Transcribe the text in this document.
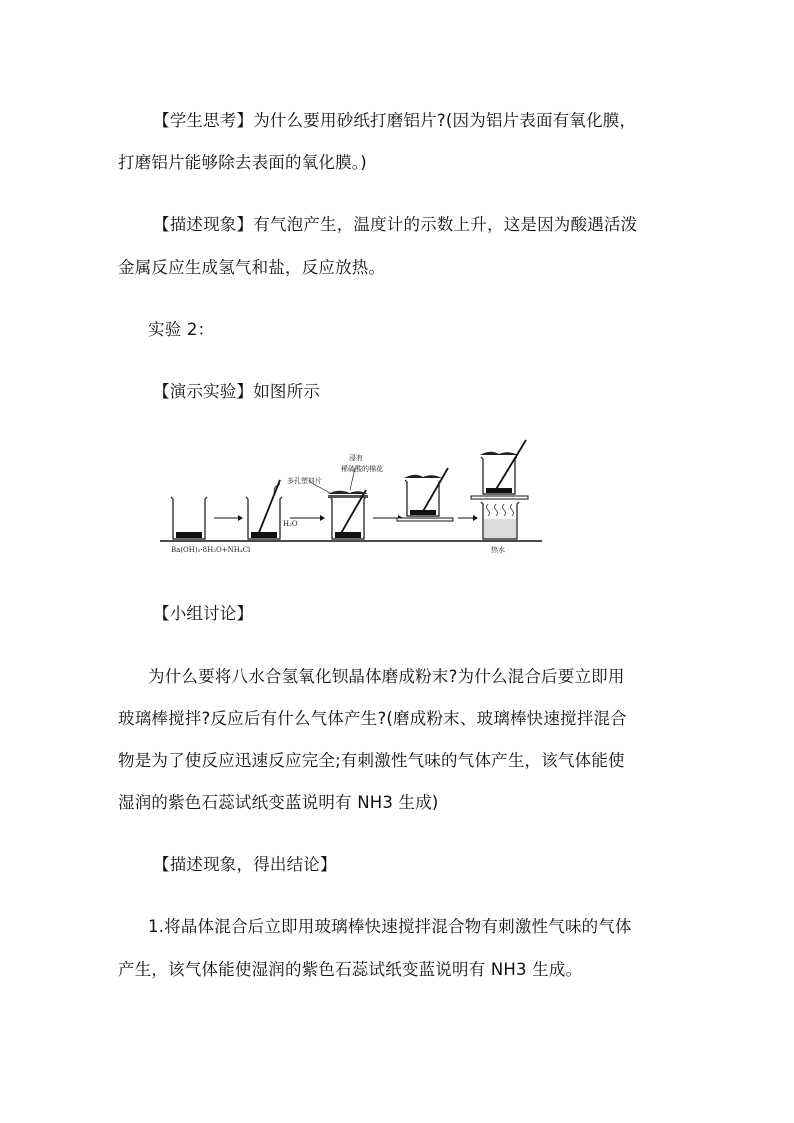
【学生思考】为什么要用砂纸打磨铝片?(因为铝片表面有氧化膜，
打磨铝片能够除去表面的氧化膜。)
【描述现象】有气泡产生，温度计的示数上升，这是因为酸遇活泼
金属反应生成氢气和盐，反应放热。
实验 2：
【演示实验】如图所示
Ba(OH)₂·8H₂O+NH₄Cl
多孔塑料片
H₂O
浸有
稀硫酸的棉花
热水
【小组讨论】
为什么要将八水合氢氧化钡晶体磨成粉末?为什么混合后要立即用
玻璃棒搅拌?反应后有什么气体产生?(磨成粉末、玻璃棒快速搅拌混合
物是为了使反应迅速反应完全;有刺激性气味的气体产生，该气体能使
湿润的紫色石蕊试纸变蓝说明有 NH3 生成)
【描述现象，得出结论】
1.将晶体混合后立即用玻璃棒快速搅拌混合物有刺激性气味的气体
产生，该气体能使湿润的紫色石蕊试纸变蓝说明有 NH3 生成。
